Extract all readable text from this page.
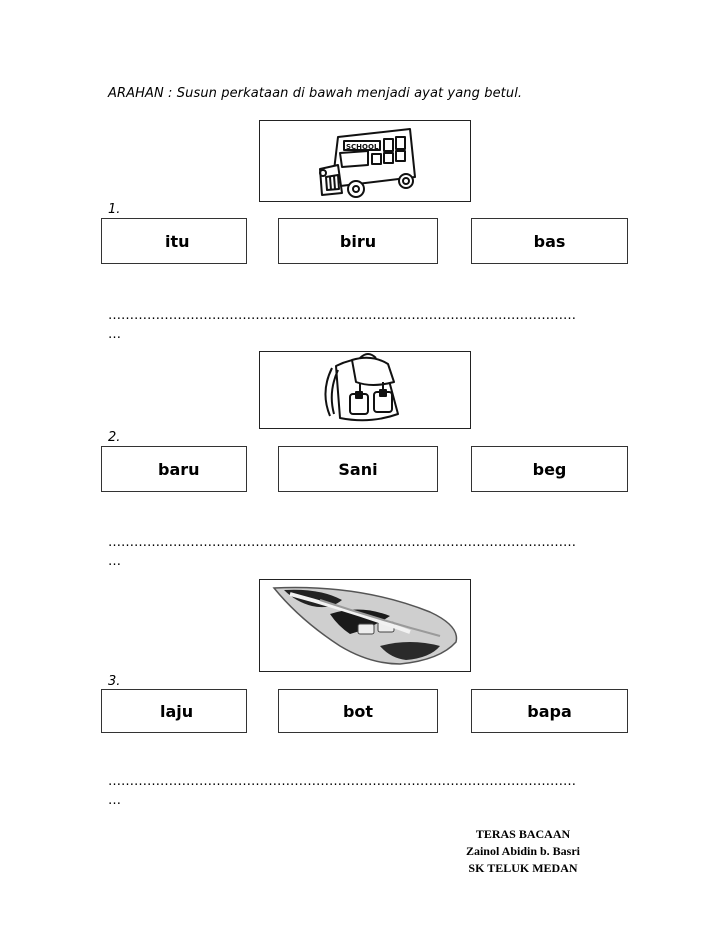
ARAHAN : Susun perkataan di bawah menjadi ayat yang betul.
SCHOOL
1.
itu	biru	bas
………………………………………………………………………………………………
…
2.
baru	Sani	beg
………………………………………………………………………………………………
…
3.
laju	bot	bapa
………………………………………………………………………………………………
…
TERAS BACAAN
Zainol Abidin b. Basri
SK TELUK MEDAN
